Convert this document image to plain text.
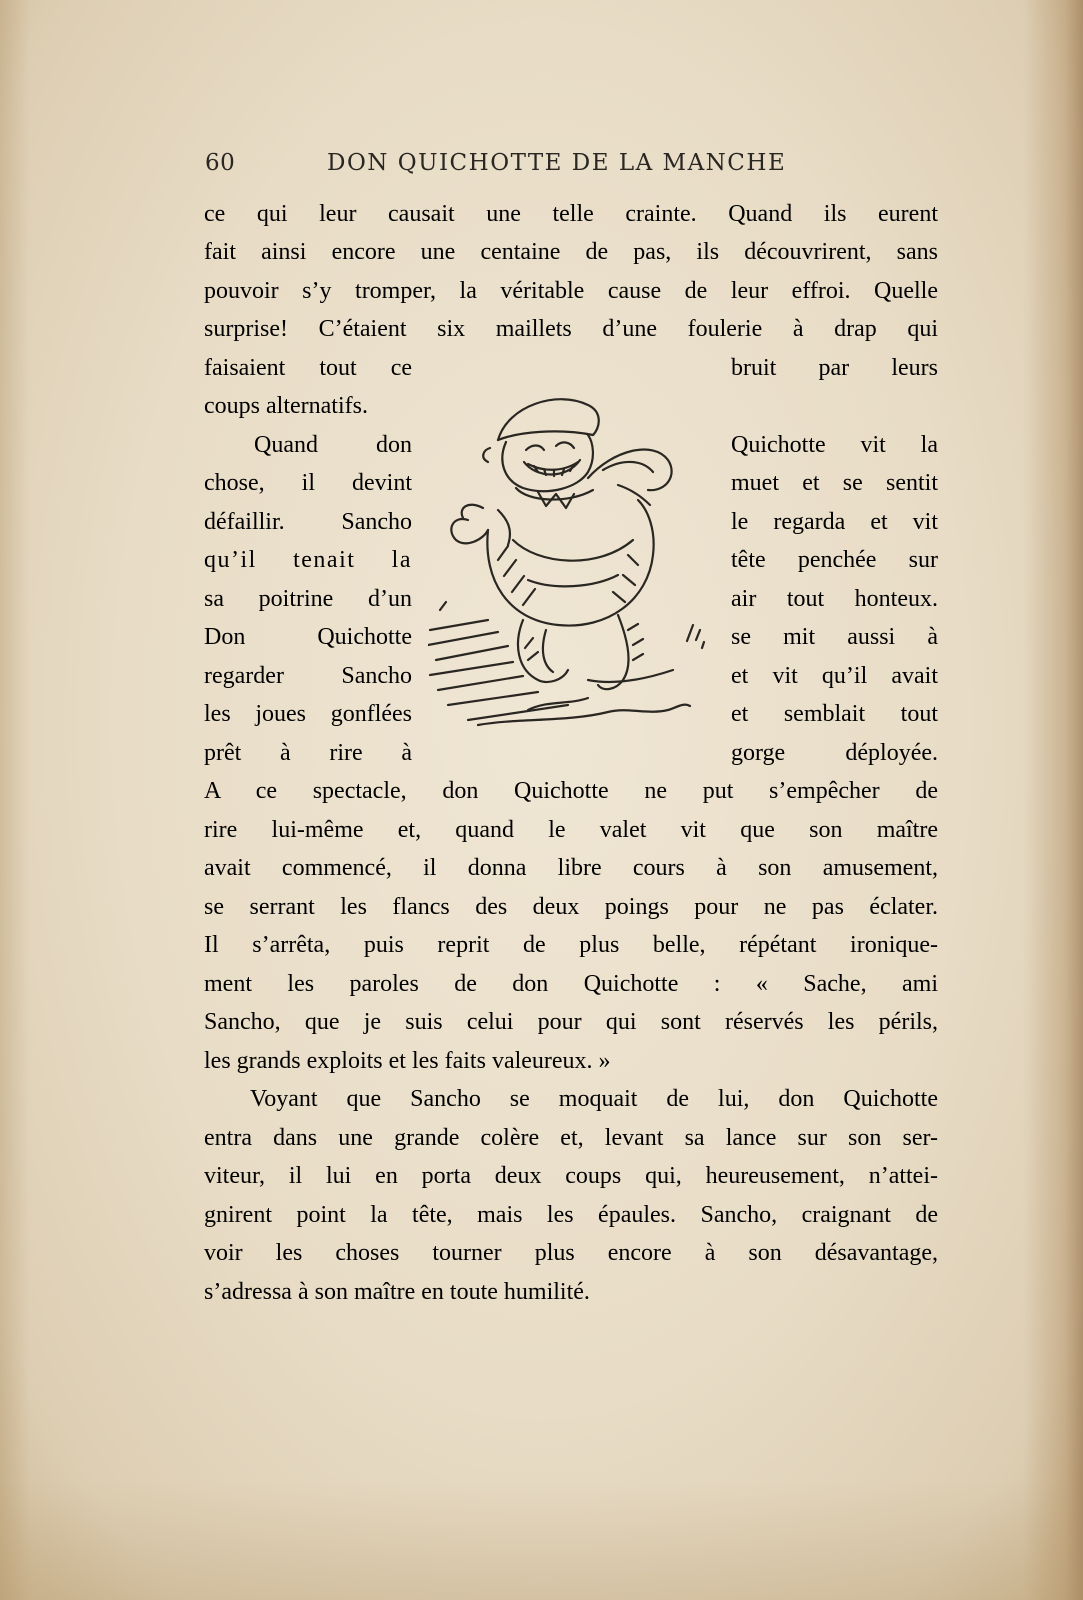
60	DON QUICHOTTE DE LA MANCHE
ce qui leur causait une telle crainte. Quand ils eurent
fait ainsi encore une centaine de pas, ils découvrirent, sans
pouvoir s’y tromper, la véritable cause de leur effroi. Quelle
surprise! C’étaient six maillets d’une foulerie à drap qui
faisaient tout ce
coups alternatifs.
Quand don
chose, il devint
défaillir. Sancho
qu’il tenait la
sa poitrine d’un
Don Quichotte
regarder Sancho
les joues gonflées
prêt à rire à
bruit par leurs
Quichotte vit la
muet et se sentit
le regarda et vit
tête penchée sur
air tout honteux.
se mit aussi à
et vit qu’il avait
et semblait tout
gorge déployée.
A ce spectacle, don Quichotte ne put s’empêcher de
rire lui-même et, quand le valet vit que son maître
avait commencé, il donna libre cours à son amusement,
se serrant les flancs des deux poings pour ne pas éclater.
Il s’arrêta, puis reprit de plus belle, répétant ironique-
ment les paroles de don Quichotte : « Sache, ami
Sancho, que je suis celui pour qui sont réservés les périls,
les grands exploits et les faits valeureux. »
Voyant que Sancho se moquait de lui, don Quichotte
entra dans une grande colère et, levant sa lance sur son ser-
viteur, il lui en porta deux coups qui, heureusement, n’attei-
gnirent point la tête, mais les épaules. Sancho, craignant de
voir les choses tourner plus encore à son désavantage,
s’adressa à son maître en toute humilité.
